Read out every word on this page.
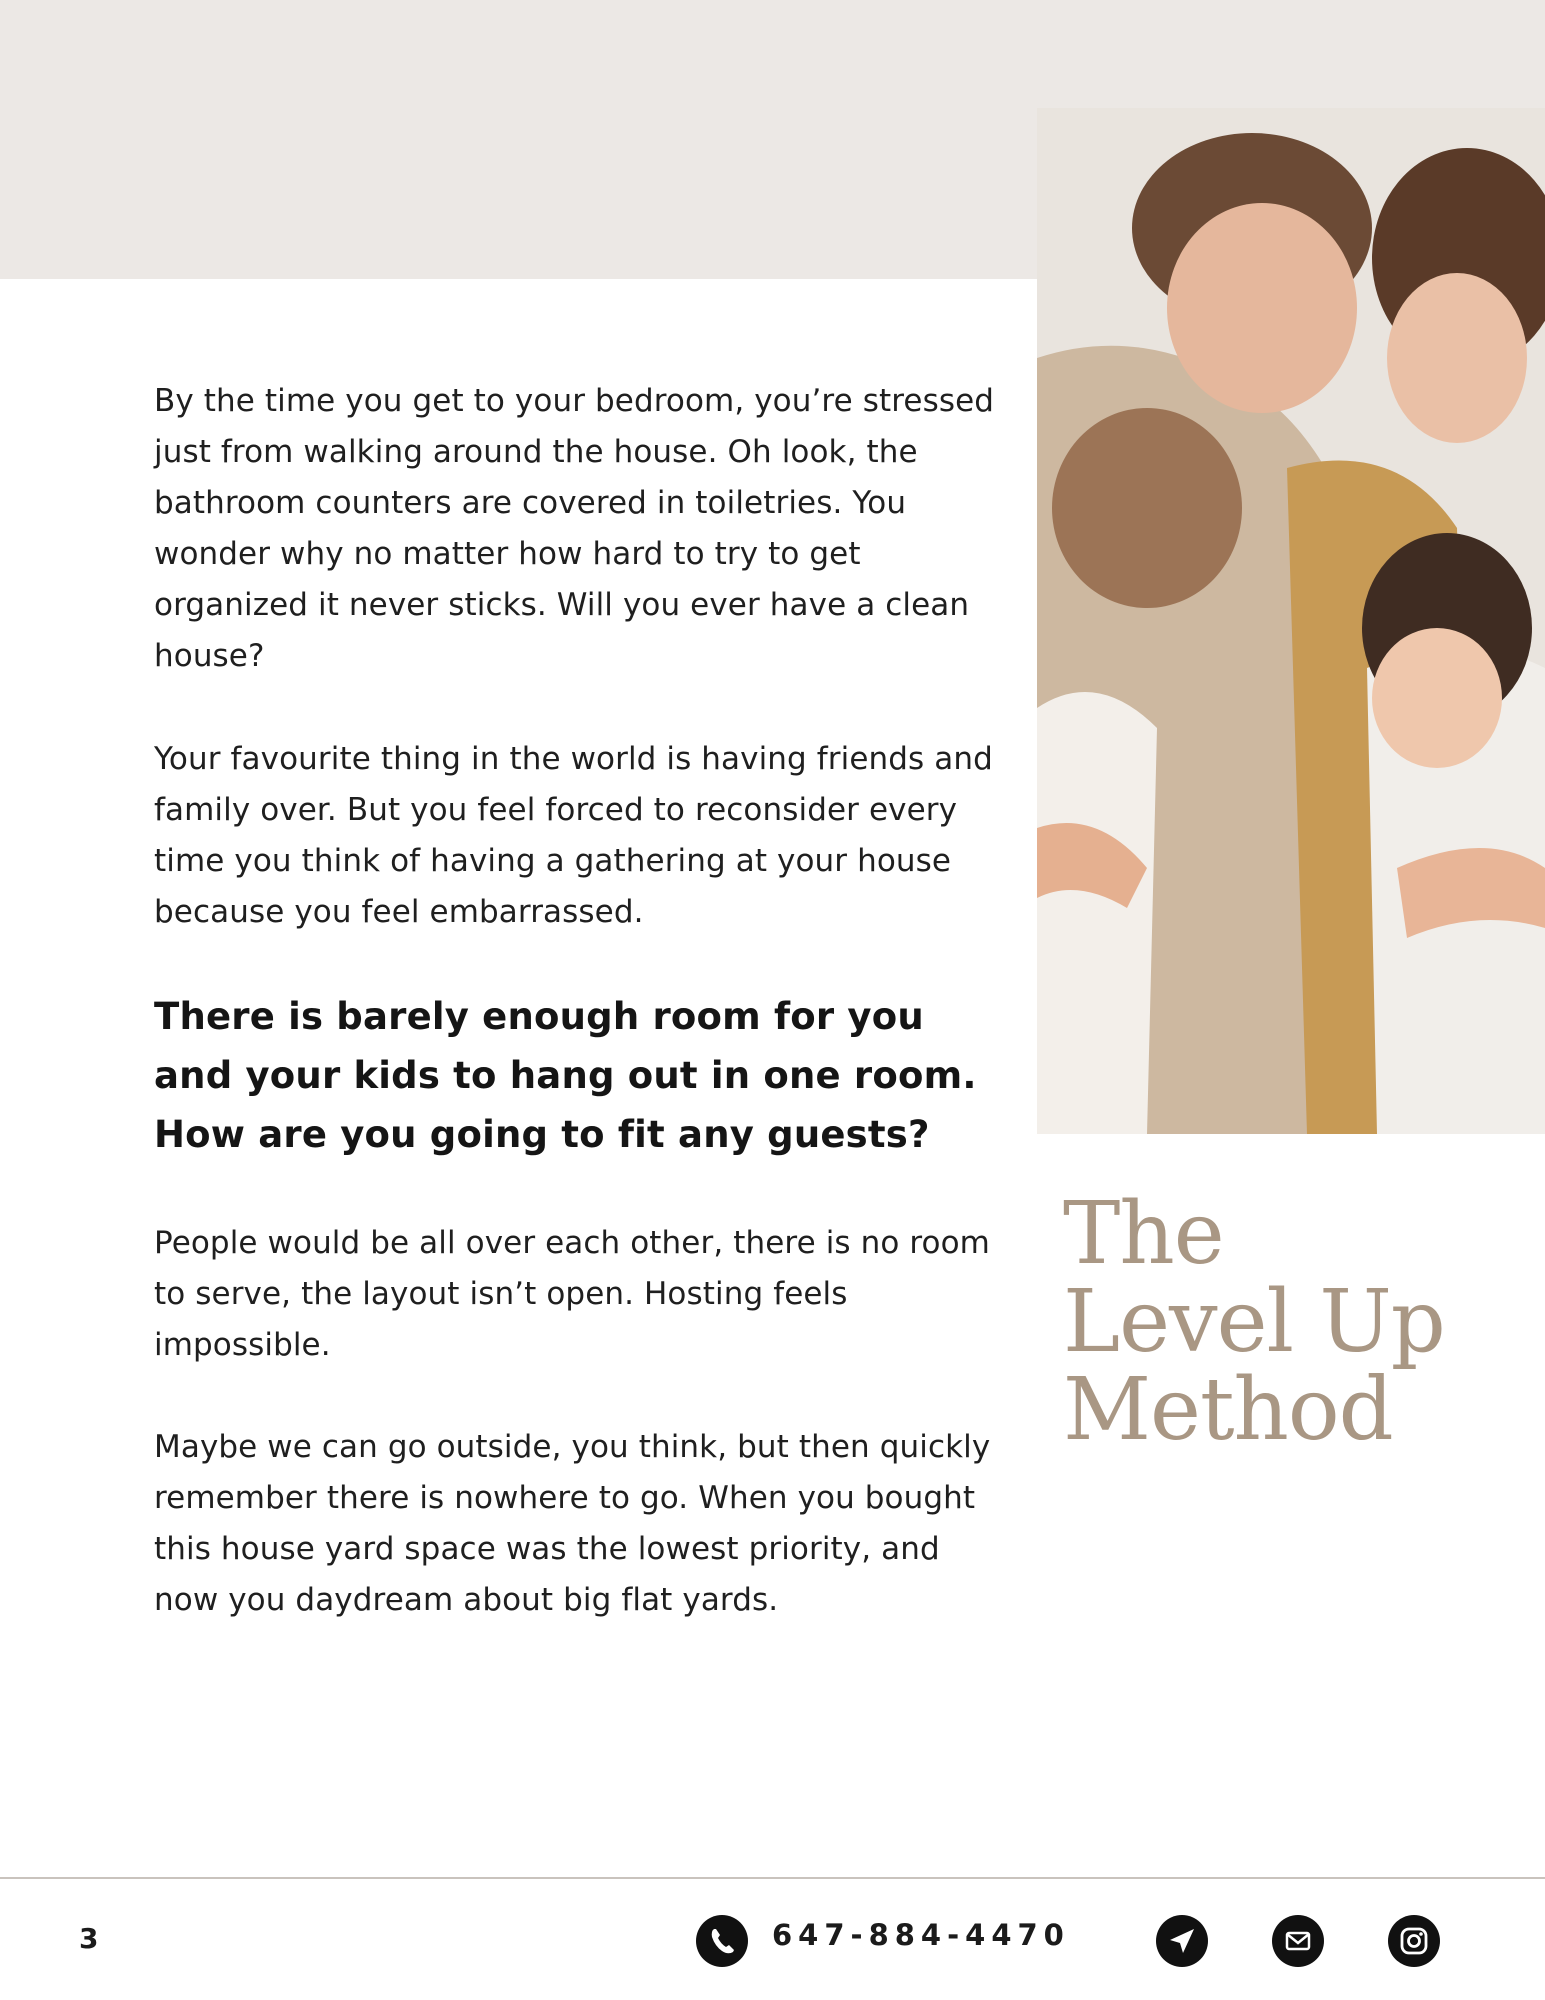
By the time you get to your bedroom, you’re stressed just from walking around the house. Oh look, the bathroom counters are covered in toiletries. You wonder why no matter how hard to try to get organized it never sticks. Will you ever have a clean house?
Your favourite thing in the world is having friends and family over. But you feel forced to reconsider every time you think of having a gathering at your house because you feel embarrassed.
There is barely enough room for you and your kids to hang out in one room. How are you going to fit any guests?
People would be all over each other, there is no room to serve, the layout isn’t open. Hosting feels impossible.
Maybe we can go outside, you think, but then quickly remember there is nowhere to go. When you bought this house yard space was the lowest priority, and now you daydream about big flat yards.
The
Level Up
Method
3	647-884-4470
